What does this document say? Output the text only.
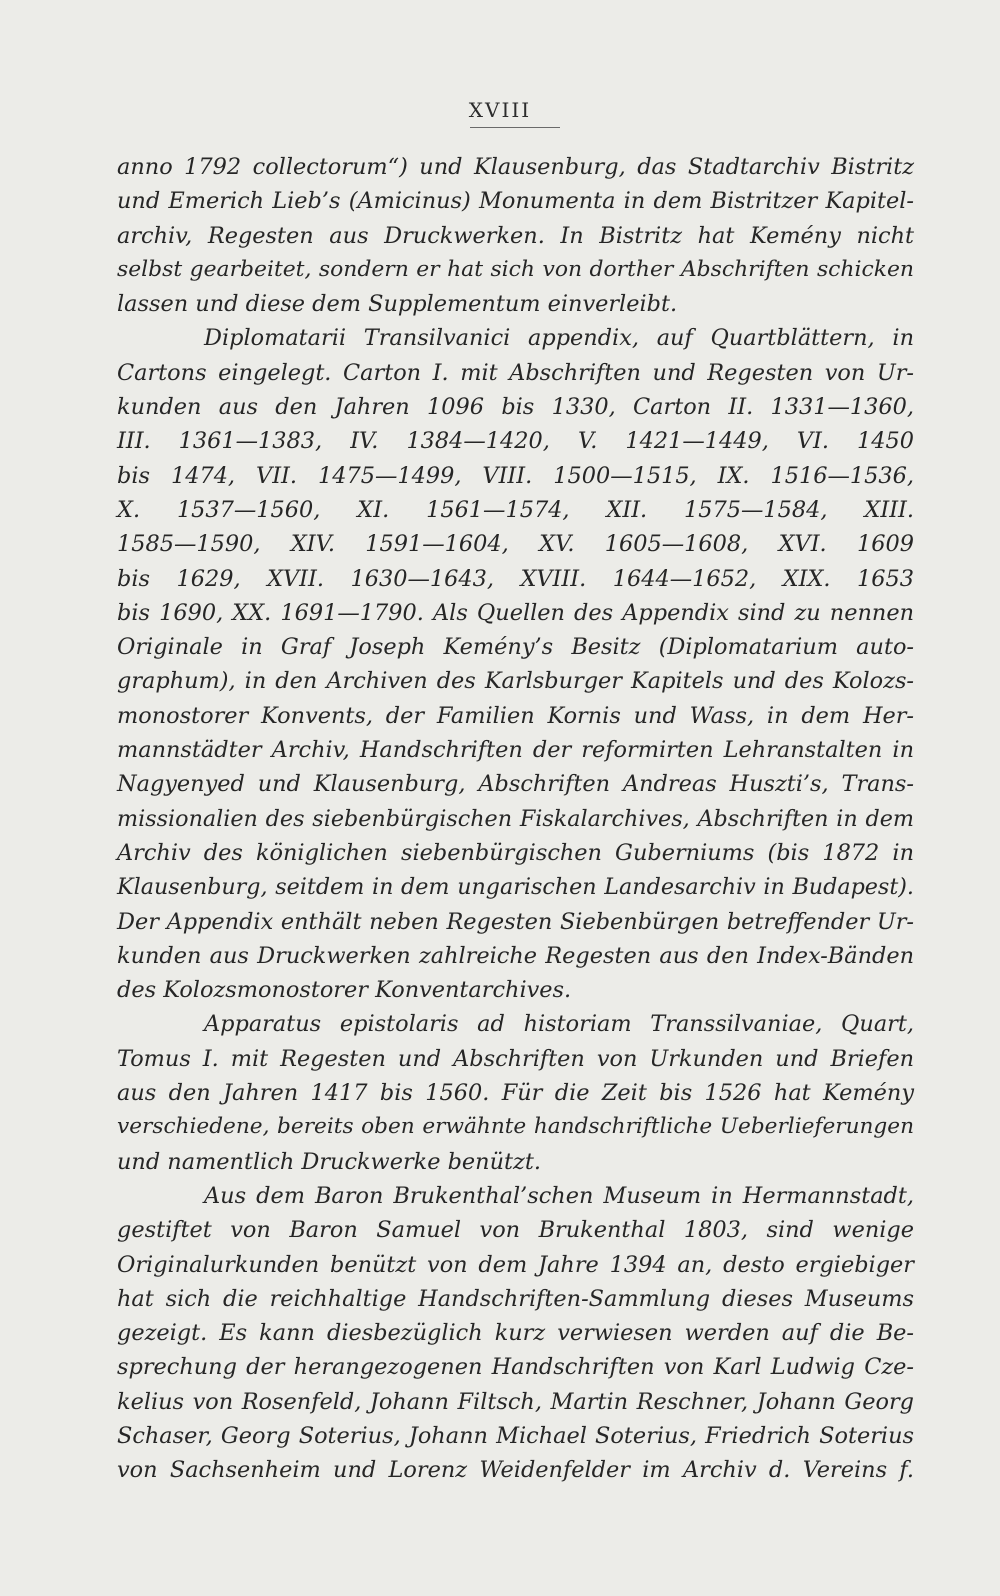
XVIII
anno 1792 collectorum“) und Klausenburg, das Stadtarchiv Bistritz
und Emerich Lieb’s (Amicinus) Monumenta in dem Bistritzer Kapitel-
archiv, Regesten aus Druckwerken. In Bistritz hat Kemény nicht
selbst gearbeitet, sondern er hat sich von dorther Abschriften schicken
lassen und diese dem Supplementum einverleibt.
Diplomatarii Transilvanici appendix, auf Quartblättern, in
Cartons eingelegt. Carton I. mit Abschriften und Regesten von Ur-
kunden aus den Jahren 1096 bis 1330, Carton II. 1331—1360,
III. 1361—1383, IV. 1384—1420, V. 1421—1449, VI. 1450
bis 1474, VII. 1475—1499, VIII. 1500—1515, IX. 1516—1536,
X. 1537—1560, XI. 1561—1574, XII. 1575—1584, XIII.
1585—1590, XIV. 1591—1604, XV. 1605—1608, XVI. 1609
bis 1629, XVII. 1630—1643, XVIII. 1644—1652, XIX. 1653
bis 1690, XX. 1691—1790. Als Quellen des Appendix sind zu nennen
Originale in Graf Joseph Kemény’s Besitz (Diplomatarium auto-
graphum), in den Archiven des Karlsburger Kapitels und des Kolozs-
monostorer Konvents, der Familien Kornis und Wass, in dem Her-
mannstädter Archiv, Handschriften der reformirten Lehranstalten in
Nagyenyed und Klausenburg, Abschriften Andreas Huszti’s, Trans-
missionalien des siebenbürgischen Fiskalarchives, Abschriften in dem
Archiv des königlichen siebenbürgischen Guberniums (bis 1872 in
Klausenburg, seitdem in dem ungarischen Landesarchiv in Budapest).
Der Appendix enthält neben Regesten Siebenbürgen betreffender Ur-
kunden aus Druckwerken zahlreiche Regesten aus den Index-Bänden
des Kolozsmonostorer Konventarchives.
Apparatus epistolaris ad historiam Transsilvaniae, Quart,
Tomus I. mit Regesten und Abschriften von Urkunden und Briefen
aus den Jahren 1417 bis 1560. Für die Zeit bis 1526 hat Kemény
verschiedene, bereits oben erwähnte handschriftliche Ueberlieferungen
und namentlich Druckwerke benützt.
Aus dem Baron Brukenthal’schen Museum in Hermannstadt,
gestiftet von Baron Samuel von Brukenthal 1803, sind wenige
Originalurkunden benützt von dem Jahre 1394 an, desto ergiebiger
hat sich die reichhaltige Handschriften-Sammlung dieses Museums
gezeigt. Es kann diesbezüglich kurz verwiesen werden auf die Be-
sprechung der herangezogenen Handschriften von Karl Ludwig Cze-
kelius von Rosenfeld, Johann Filtsch, Martin Reschner, Johann Georg
Schaser, Georg Soterius, Johann Michael Soterius, Friedrich Soterius
von Sachsenheim und Lorenz Weidenfelder im Archiv d. Vereins f.
